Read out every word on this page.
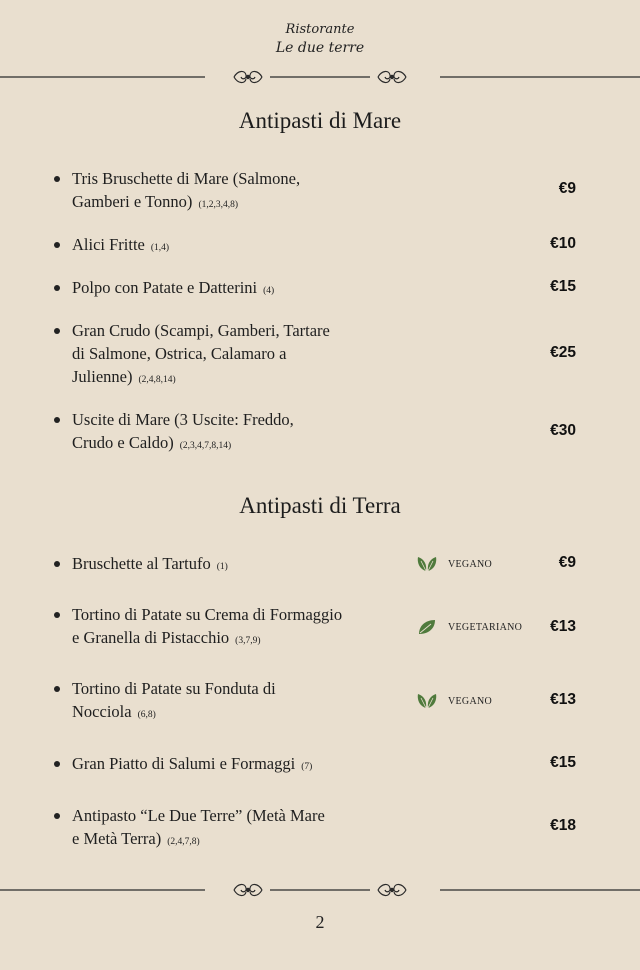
Ristorante
Le due terre
Antipasti di Mare
Tris Bruschette di Mare (Salmone,
Gamberi e Tonno) (1,2,3,4,8)
€9
Alici Fritte (1,4)	€10
Polpo con Patate e Datterini (4)	€15
Gran Crudo (Scampi, Gamberi, Tartare
di Salmone, Ostrica, Calamaro a
Julienne) (2,4,8,14)
€25
Uscite di Mare (3 Uscite: Freddo,
Crudo e Caldo) (2,3,4,7,8,14)
€30
Antipasti di Terra
Bruschette al Tartufo (1)	VEGANO	€9
Tortino di Patate su Crema di Formaggio
e Granella di Pistacchio (3,7,9)
VEGETARIANO	€13
Tortino di Patate su Fonduta di
Nocciola (6,8)
VEGANO	€13
Gran Piatto di Salumi e Formaggi (7)	€15
Antipasto “Le Due Terre” (Metà Mare
e Metà Terra) (2,4,7,8)
€18
2
